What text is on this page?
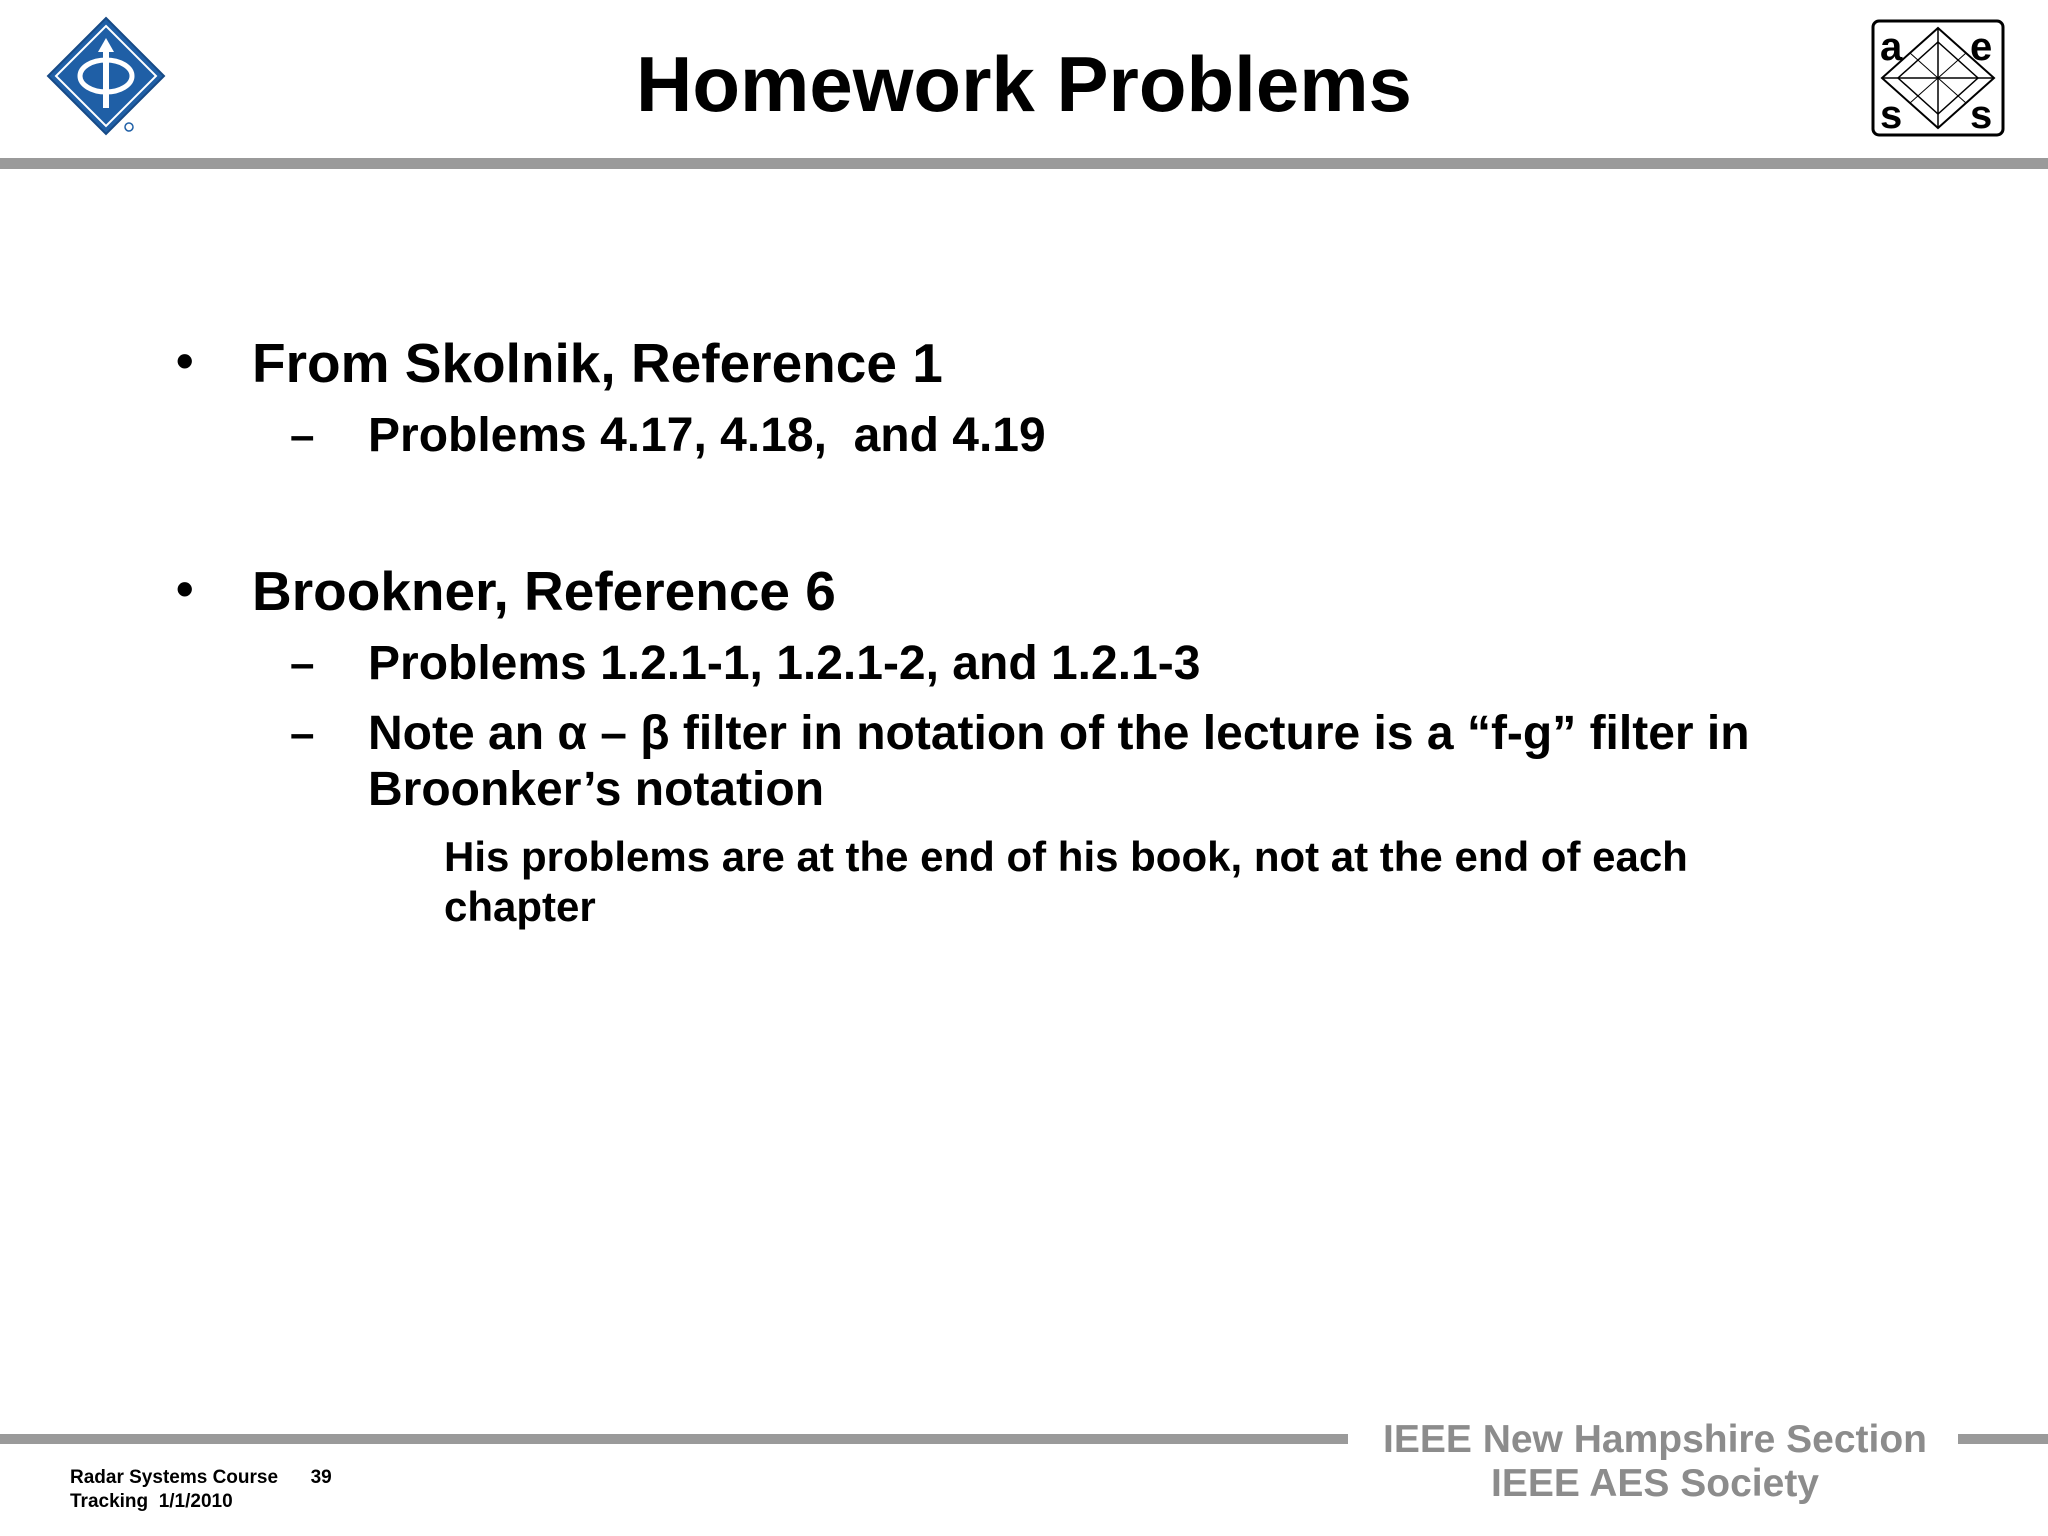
a e
s s
Homework Problems
• From Skolnik, Reference 1
– Problems 4.17, 4.18,  and 4.19
• Brookner, Reference 6
– Problems 1.2.1-1, 1.2.1-2, and 1.2.1-3
– Note an α – β filter in notation of the lecture is a “f-g” filter in
Broonker’s notation
His problems are at the end of his book, not at the end of each
chapter
IEEE New Hampshire Section
IEEE AES Society
Radar Systems Course 39
Tracking  1/1/2010
